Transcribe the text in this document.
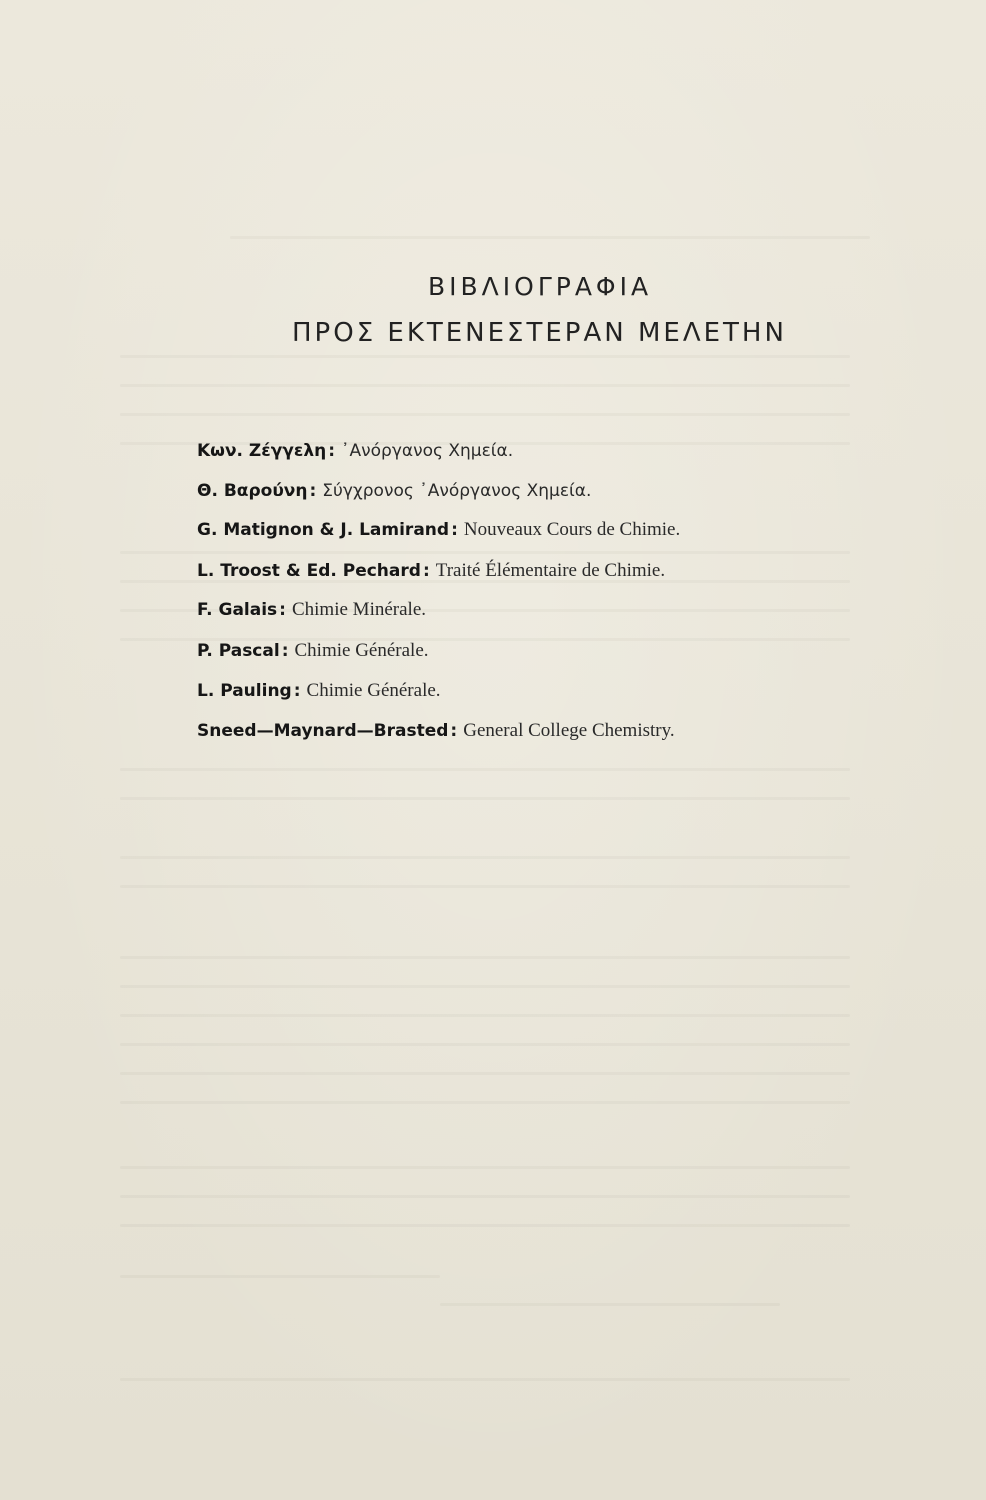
ΒΙΒΛΙΟΓΡΑΦΙΑ
ΠΡΟΣ ΕΚΤΕΝΕΣΤΕΡΑΝ ΜΕΛΕΤΗΝ
Κων. Ζέγγελη : ᾿Ανόργανος Χημεία.
Θ. Βαρούνη : Σύγχρονος ᾿Ανόργανος Χημεία.
G. Matignon & J. Lamirand : Nouveaux Cours de Chimie.
L. Troost & Ed. Pechard : Traité Élémentaire de Chimie.
F. Galais : Chimie Minérale.
P. Pascal : Chimie Générale.
L. Pauling : Chimie Générale.
Sneed—Maynard—Brasted : General College Chemistry.
